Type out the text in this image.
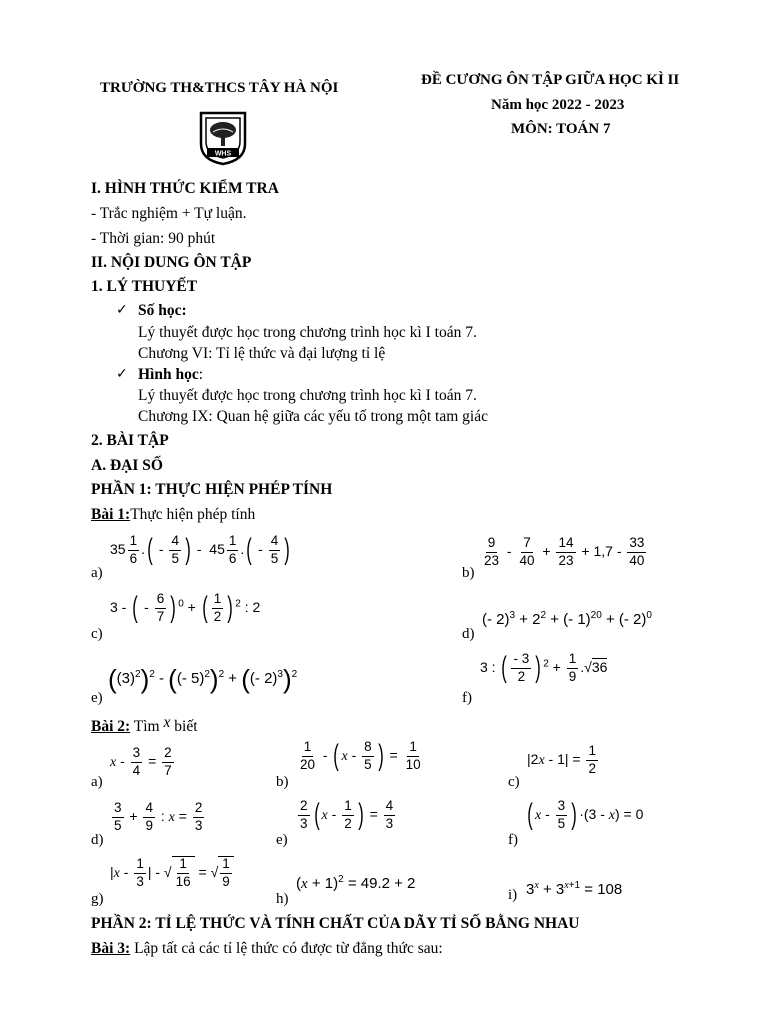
TRƯỜNG TH&THCS TÂY HÀ NỘI	ĐỀ CƯƠNG ÔN TẬP GIỮA HỌC KÌ II
Năm học 2022 - 2023
MÔN: TOÁN 7
WHS
I. HÌNH THỨC KIỂM TRA
- Trắc nghiệm + Tự luận.
- Thời gian: 90 phút
II. NỘI DUNG ÔN TẬP
1. LÝ THUYẾT
✓ Số học:
Lý thuyết được học trong chương trình học kì I toán 7.
Chương VI: Tỉ lệ thức và đại lượng tỉ lệ
✓ Hình học:
Lý thuyết được học trong chương trình học kì I toán 7.
Chương IX: Quan hệ giữa các yếu tố trong một tam giác
2. BÀI TẬP
A. ĐẠI SỐ
PHẦN 1: THỰC HIỆN PHÉP TÍNH
Bài 1:Thực hiện phép tính
a)
$35 \frac{1}{6}$ .( - $\frac{4}{5}$ ) -  $45 \frac{1}{6}$ .( - $\frac{4}{5}$ )
b)
$\frac{9}{23} - \frac{7}{40} + \frac{14}{23} + 1,7 - \frac{33}{40}$
c)
3 - ( - $\frac{6}{7}$ ) $^0$ + ( $\frac{1}{2}$ ) $^2$ : 2
d)
(- $2)^3 + 2^2$ + (- 1)$^{20}$ + (- 2)$^0$
e)
$((3)^2)^2$ - ((- 5)$^2$)$^2$ + ((- 2)$^3$)$^2$
f)
3 : ( $\frac{- 3}{2}$ ) $^2 + \frac{1}{9} .√36$
Bài 2: Tìm x biết
a)
$x - \frac{3}{4} = \frac{2}{7}$
b)
$\frac{1}{20}$ - ( x - $\frac{8}{5}$ ) = $\frac{1}{10}$
c)
$|2x - 1| = \frac{1}{2}$
d)
$\frac{3}{5} + \frac{4}{9}$ : $x = \frac{2}{3}$
e)
$\frac{2}{3}$ ( x - $\frac{1}{2}$ ) = $\frac{4}{3}$
f)
( x - $\frac{3}{5}$ ) ·(3 - x) = 0
g)
$|x - \frac{1}{3}$ | - √ $\frac{1}{16}$ = √ $\frac{1}{9}$
h)
$(x + 1)^2 = 49.2 + 2$
i) $3^x + 3^{x+1} = 108$
PHẦN 2: TỈ LỆ THỨC VÀ TÍNH CHẤT CỦA DÃY TỈ SỐ BẰNG NHAU
Bài 3: Lập tất cả các tỉ lệ thức có được từ đẳng thức sau:
